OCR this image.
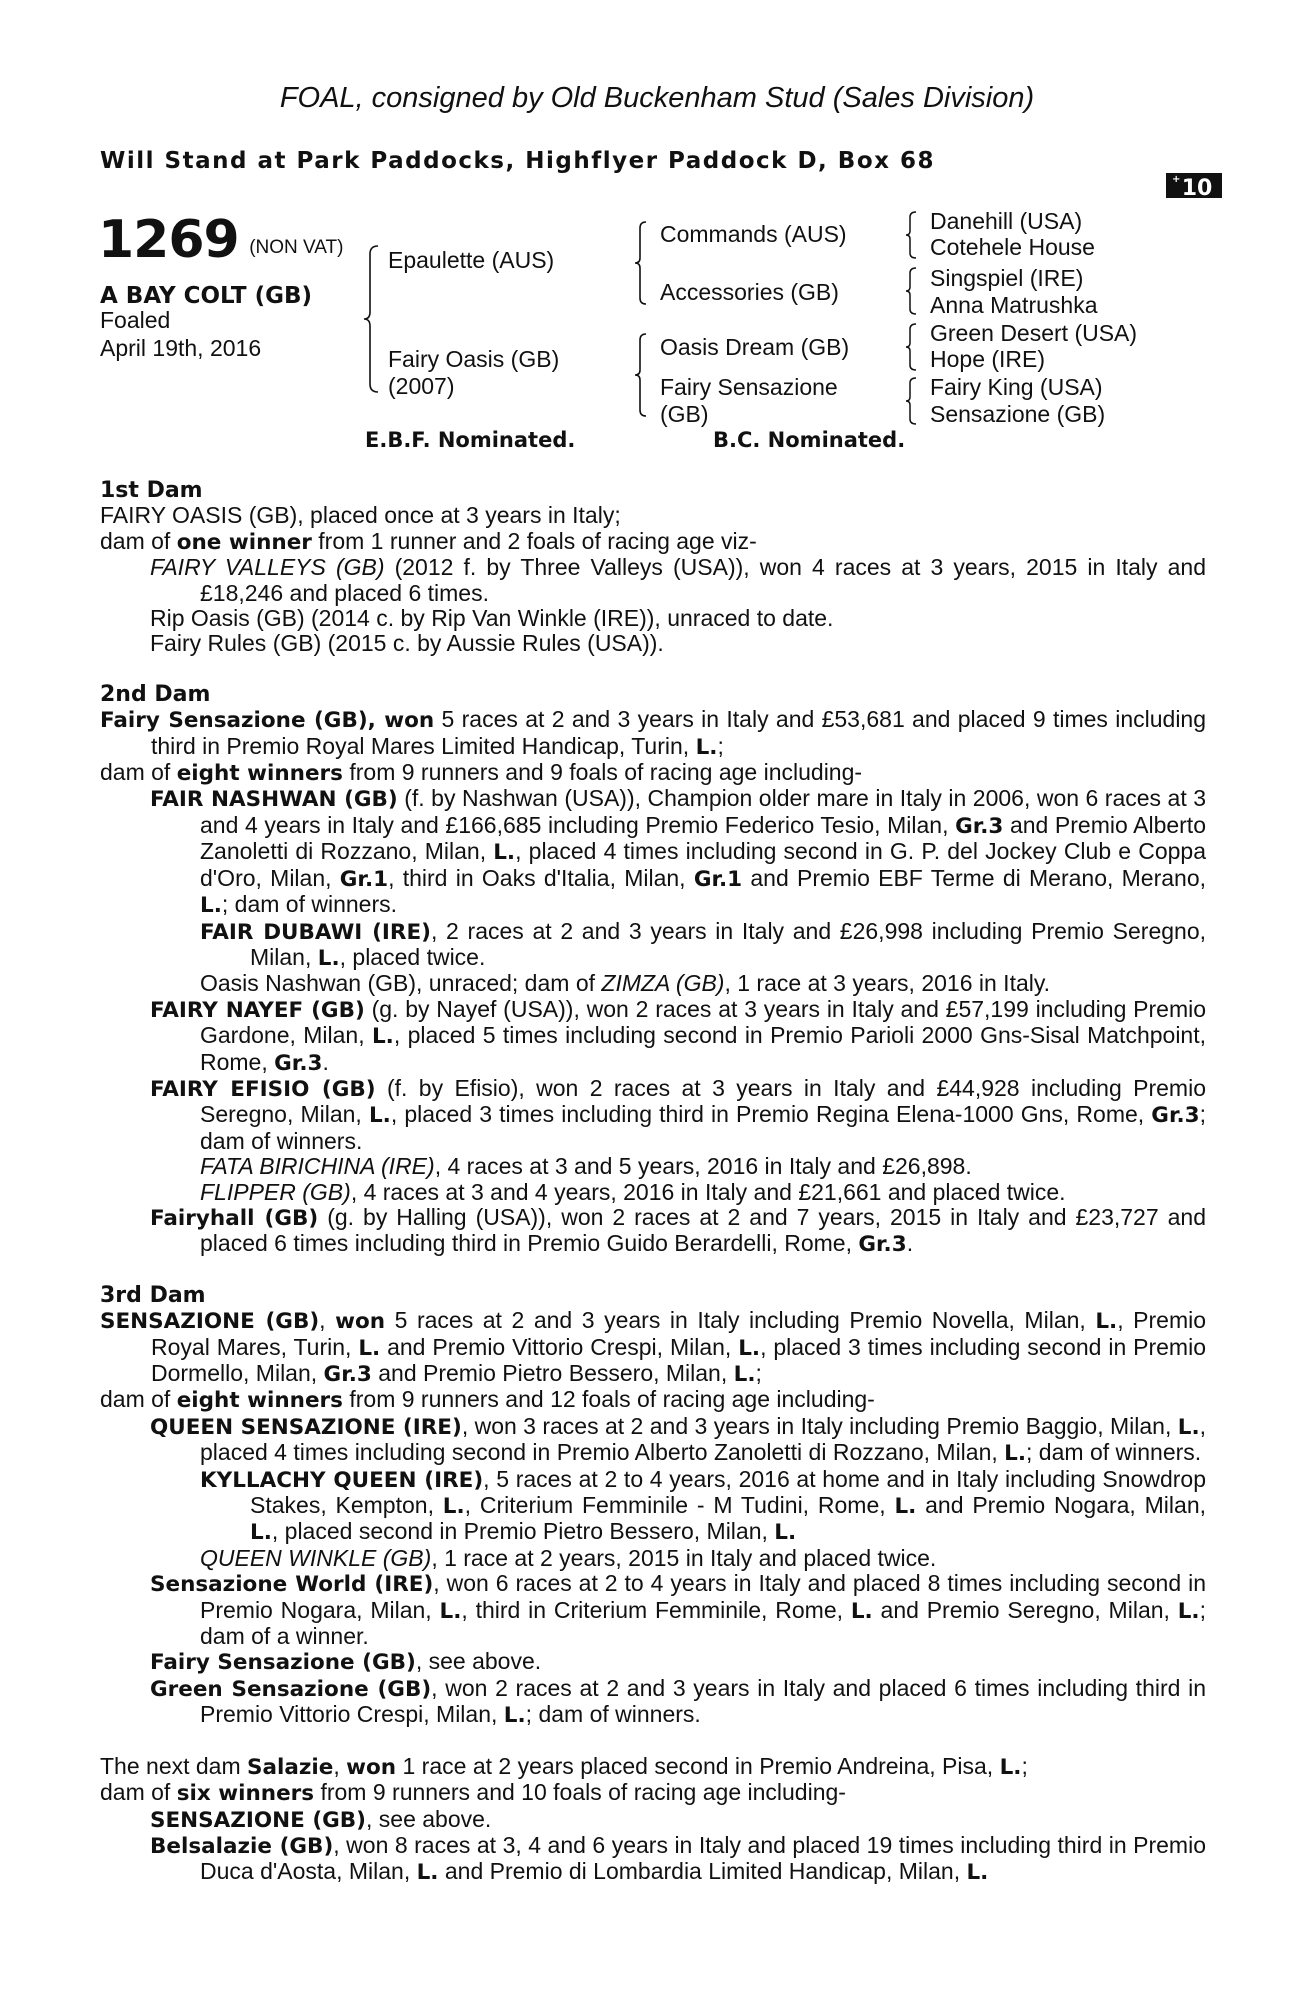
FOAL, consigned by Old Buckenham Stud (Sales Division)
Will Stand at Park Paddocks, Highflyer Paddock D, Box 68
+ 10
1269 (NON VAT)
A BAY COLT (GB)
Foaled
April 19th, 2016
Epaulette (AUS)
Fairy Oasis (GB)
(2007)
Commands (AUS)
Accessories (GB)
Oasis Dream (GB)
Fairy Sensazione
(GB)
Danehill (USA)
Cotehele House
Singspiel (IRE)
Anna Matrushka
Green Desert (USA)
Hope (IRE)
Fairy King (USA)
Sensazione (GB)
E.B.F. Nominated.	B.C. Nominated.

1st Dam

FAIRY OASIS (GB), placed once at 3 years in Italy;

dam of one winner from 1 runner and 2 foals of racing age viz-

FAIRY VALLEYS (GB) (2012 f. by Three Valleys (USA)), won 4 races at 3 years, 2015 in Italy and £18,246 and placed 6 times.

Rip Oasis (GB) (2014 c. by Rip Van Winkle (IRE)), unraced to date.

Fairy Rules (GB) (2015 c. by Aussie Rules (USA)).

2nd Dam

Fairy Sensazione (GB), won 5 races at 2 and 3 years in Italy and £53,681 and placed 9 times including third in Premio Royal Mares Limited Handicap, Turin, L.;

dam of eight winners from 9 runners and 9 foals of racing age including-

FAIR NASHWAN (GB) (f. by Nashwan (USA)), Champion older mare in Italy in 2006, won 6 races at 3 and 4 years in Italy and £166,685 including Premio Federico Tesio, Milan, Gr.3 and Premio Alberto Zanoletti di Rozzano, Milan, L., placed 4 times including second in G. P. del Jockey Club e Coppa d'Oro, Milan, Gr.1, third in Oaks d'Italia, Milan, Gr.1 and Premio EBF Terme di Merano, Merano, L.; dam of winners.

FAIR DUBAWI (IRE), 2 races at 2 and 3 years in Italy and £26,998 including Premio Seregno, Milan, L., placed twice.

Oasis Nashwan (GB), unraced; dam of ZIMZA (GB), 1 race at 3 years, 2016 in Italy.

FAIRY NAYEF (GB) (g. by Nayef (USA)), won 2 races at 3 years in Italy and £57,199 including Premio Gardone, Milan, L., placed 5 times including second in Premio Parioli 2000 Gns-Sisal Matchpoint, Rome, Gr.3.

FAIRY EFISIO (GB) (f. by Efisio), won 2 races at 3 years in Italy and £44,928 including Premio Seregno, Milan, L., placed 3 times including third in Premio Regina Elena-1000 Gns, Rome, Gr.3; dam of winners.

FATA BIRICHINA (IRE), 4 races at 3 and 5 years, 2016 in Italy and £26,898.

FLIPPER (GB), 4 races at 3 and 4 years, 2016 in Italy and £21,661 and placed twice.

Fairyhall (GB) (g. by Halling (USA)), won 2 races at 2 and 7 years, 2015 in Italy and £23,727 and placed 6 times including third in Premio Guido Berardelli, Rome, Gr.3.

3rd Dam

SENSAZIONE (GB), won 5 races at 2 and 3 years in Italy including Premio Novella, Milan, L., Premio Royal Mares, Turin, L. and Premio Vittorio Crespi, Milan, L., placed 3 times including second in Premio Dormello, Milan, Gr.3 and Premio Pietro Bessero, Milan, L.;

dam of eight winners from 9 runners and 12 foals of racing age including-

QUEEN SENSAZIONE (IRE), won 3 races at 2 and 3 years in Italy including Premio Baggio, Milan, L., placed 4 times including second in Premio Alberto Zanoletti di Rozzano, Milan, L.; dam of winners.

KYLLACHY QUEEN (IRE), 5 races at 2 to 4 years, 2016 at home and in Italy including Snowdrop Stakes, Kempton, L., Criterium Femminile - M Tudini, Rome, L. and Premio Nogara, Milan, L., placed second in Premio Pietro Bessero, Milan, L.

QUEEN WINKLE (GB), 1 race at 2 years, 2015 in Italy and placed twice.

Sensazione World (IRE), won 6 races at 2 to 4 years in Italy and placed 8 times including second in Premio Nogara, Milan, L., third in Criterium Femminile, Rome, L. and Premio Seregno, Milan, L.; dam of a winner.

Fairy Sensazione (GB), see above.

Green Sensazione (GB), won 2 races at 2 and 3 years in Italy and placed 6 times including third in Premio Vittorio Crespi, Milan, L.; dam of winners.

The next dam Salazie, won 1 race at 2 years placed second in Premio Andreina, Pisa, L.;

dam of six winners from 9 runners and 10 foals of racing age including-

SENSAZIONE (GB), see above.

Belsalazie (GB), won 8 races at 3, 4 and 6 years in Italy and placed 19 times including third in Premio Duca d'Aosta, Milan, L. and Premio di Lombardia Limited Handicap, Milan, L.
